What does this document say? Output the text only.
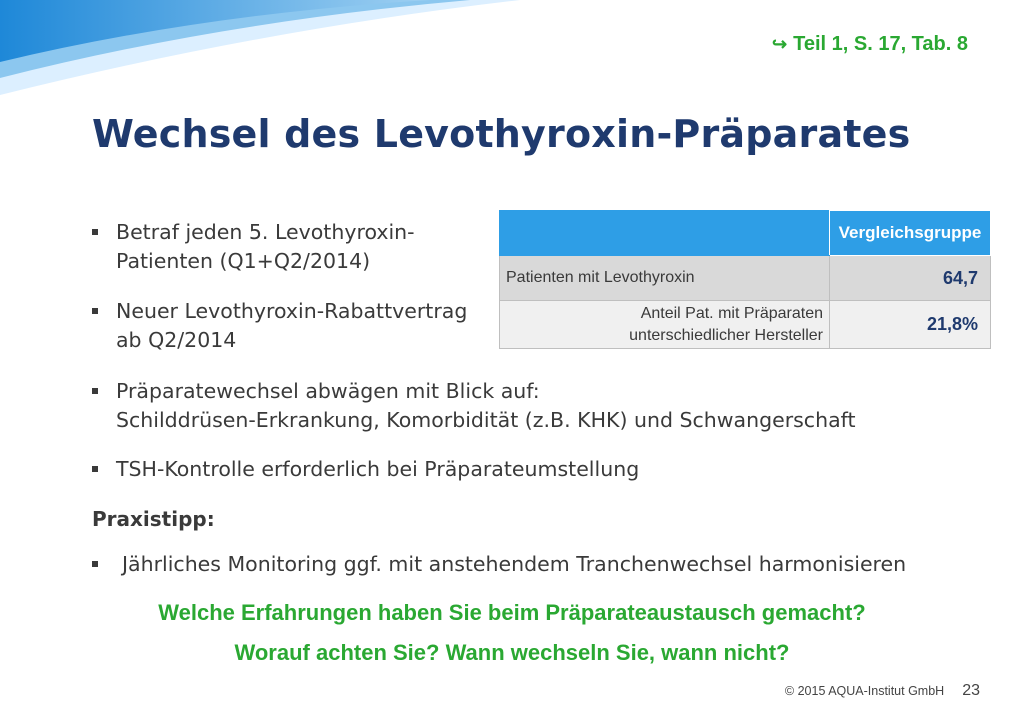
↪ Teil 1, S. 17, Tab. 8
Wechsel des Levothyroxin-Präparates
Betraf jeden 5. Levothyroxin-
Patienten (Q1+Q2/2014)
Neuer Levothyroxin-Rabattvertrag
ab Q2/2014
Präparatewechsel abwägen mit Blick auf:
Schilddrüsen-Erkrankung, Komorbidität (z.B. KHK) und Schwangerschaft
TSH-Kontrolle erforderlich bei Präparateumstellung
Praxistipp:
Jährliches Monitoring ggf. mit anstehendem Tranchenwechsel harmonisieren
	Vergleichsgruppe
Patienten mit Levothyroxin	64,7

Anteil Pat. mit Präparaten
unterschiedlicher Hersteller	21,8%
Welche Erfahrungen haben Sie beim Präparateaustausch gemacht?
Worauf achten Sie? Wann wechseln Sie, wann nicht?
© 2015 AQUA-Institut GmbH 23
